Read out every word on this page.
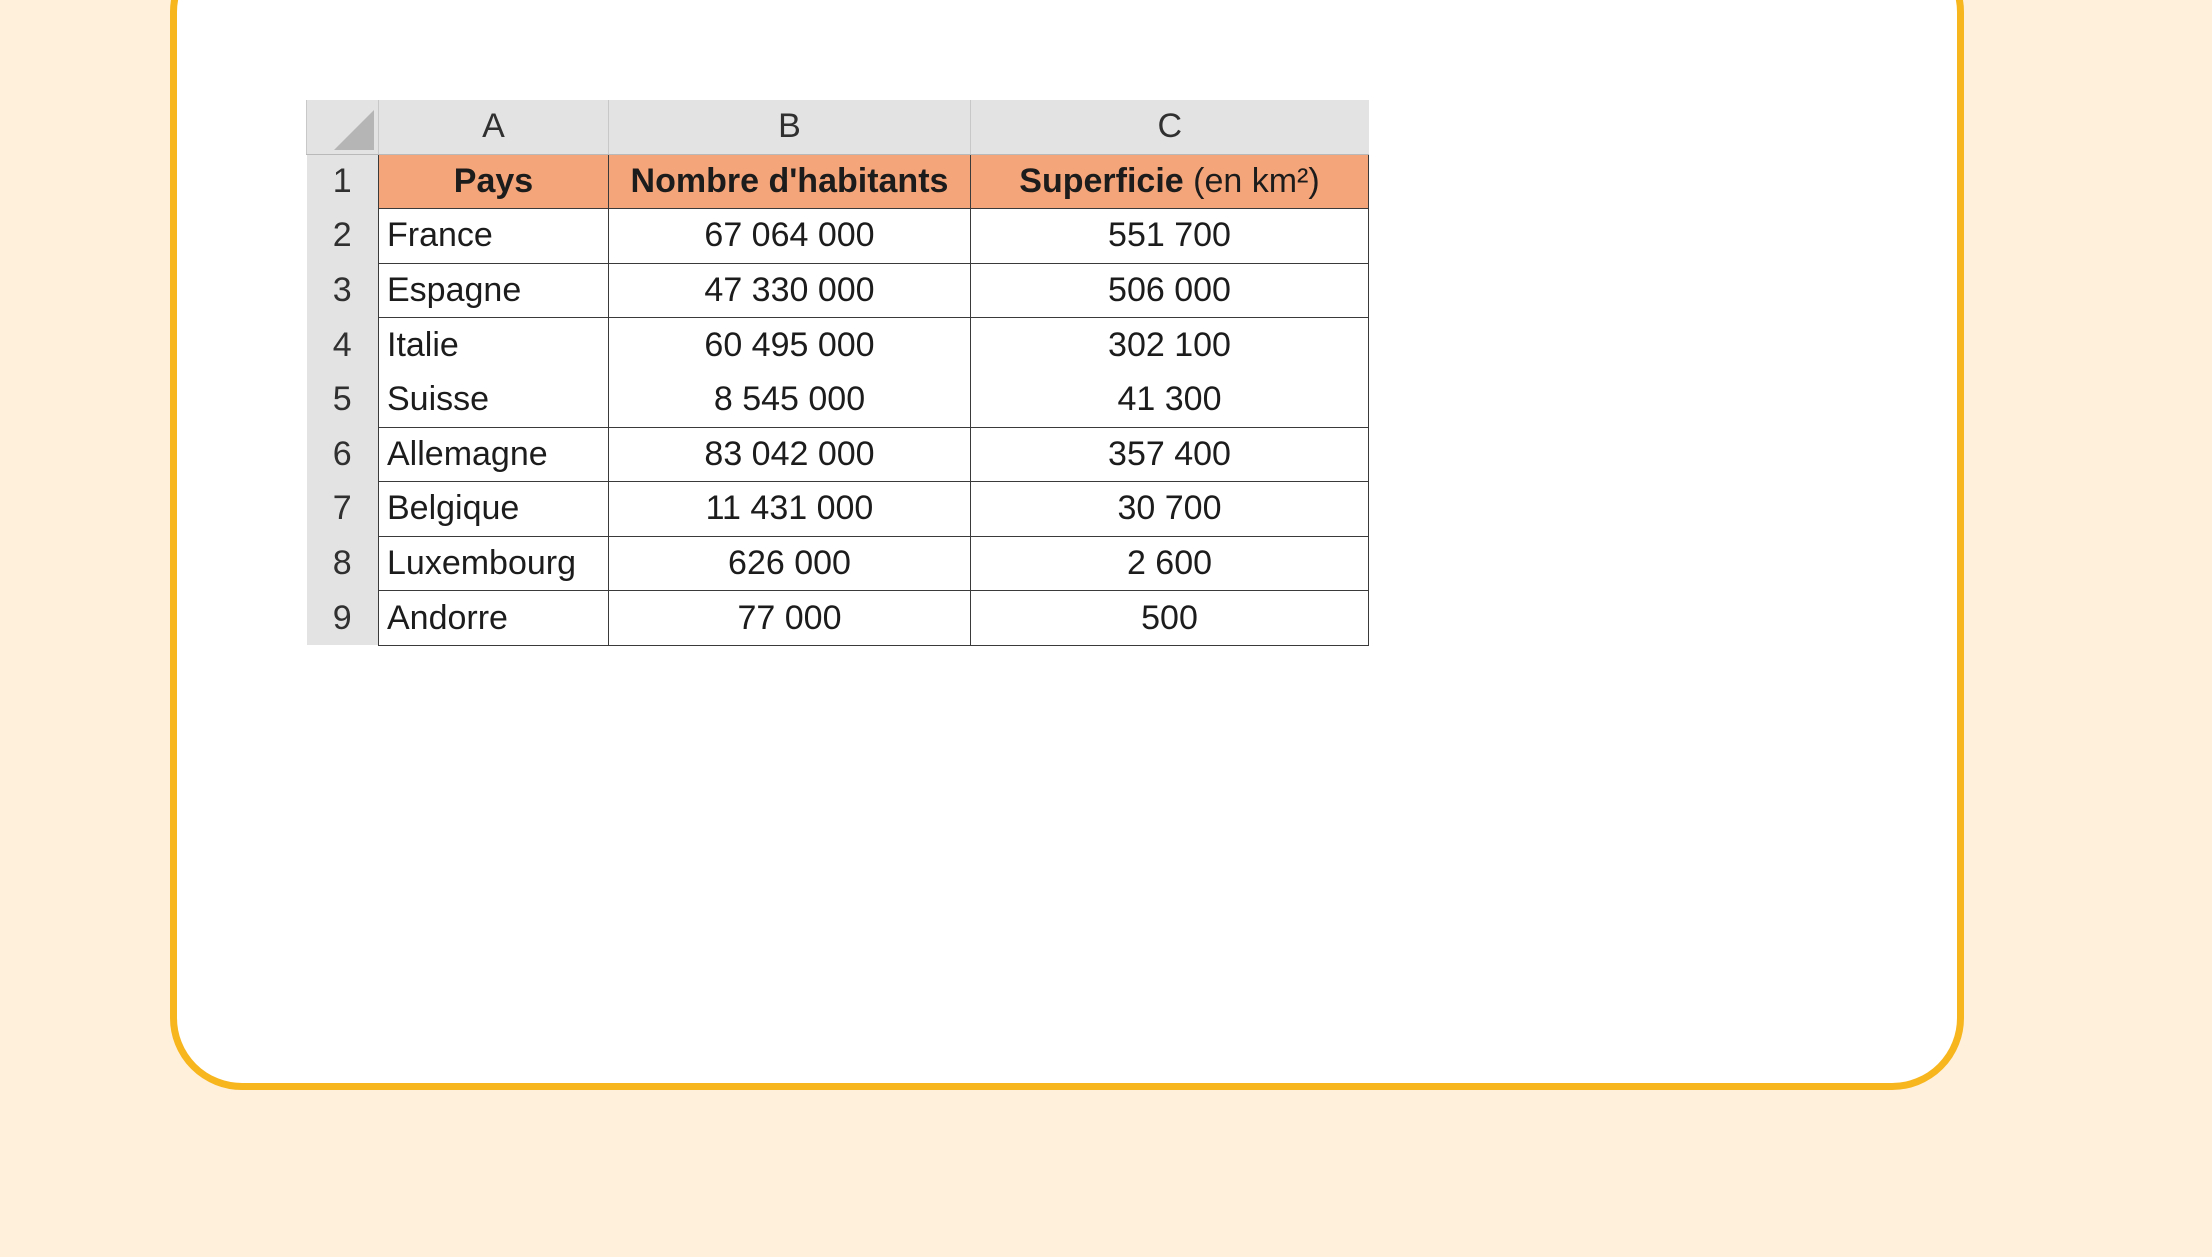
	A	B	C
1	Pays	Nombre d'habitants	Superficie (en km²)
2	France	67 064 000	551 700
3	Espagne	47 330 000	506 000
4	Italie	60 495 000	302 100
5	Suisse	8 545 000	41 300
6	Allemagne	83 042 000	357 400
7	Belgique	11 431 000	30 700
8	Luxembourg	626 000	2 600
9	Andorre	77 000	500
